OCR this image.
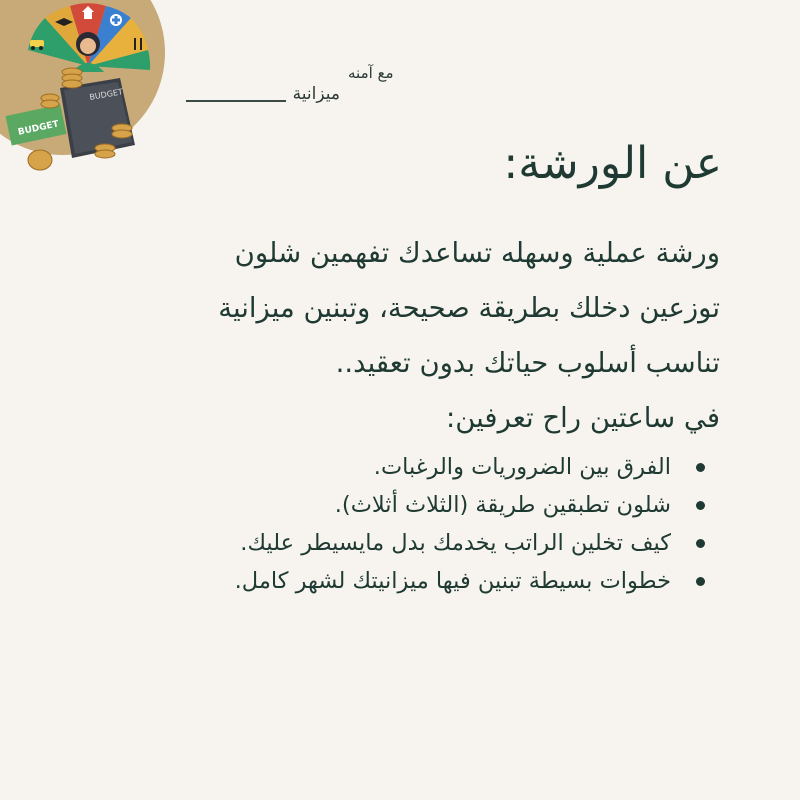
BUDGET
BUDGET
مع آمنه
ميزانية
عن الورشة:

ورشة عملية وسهله تساعدك تفهمين شلون

توزعين دخلك بطريقة صحيحة، وتبنين ميزانية

تناسب أسلوب حياتك بدون تعقيد..

في ساعتين راح تعرفين:

الفرق بين الضروريات والرغبات.
شلون تطبقين طريقة (الثلاث أثلاث).
كيف تخلين الراتب يخدمك بدل مايسيطر عليك.
خطوات بسيطة تبنين فيها ميزانيتك لشهر كامل.
